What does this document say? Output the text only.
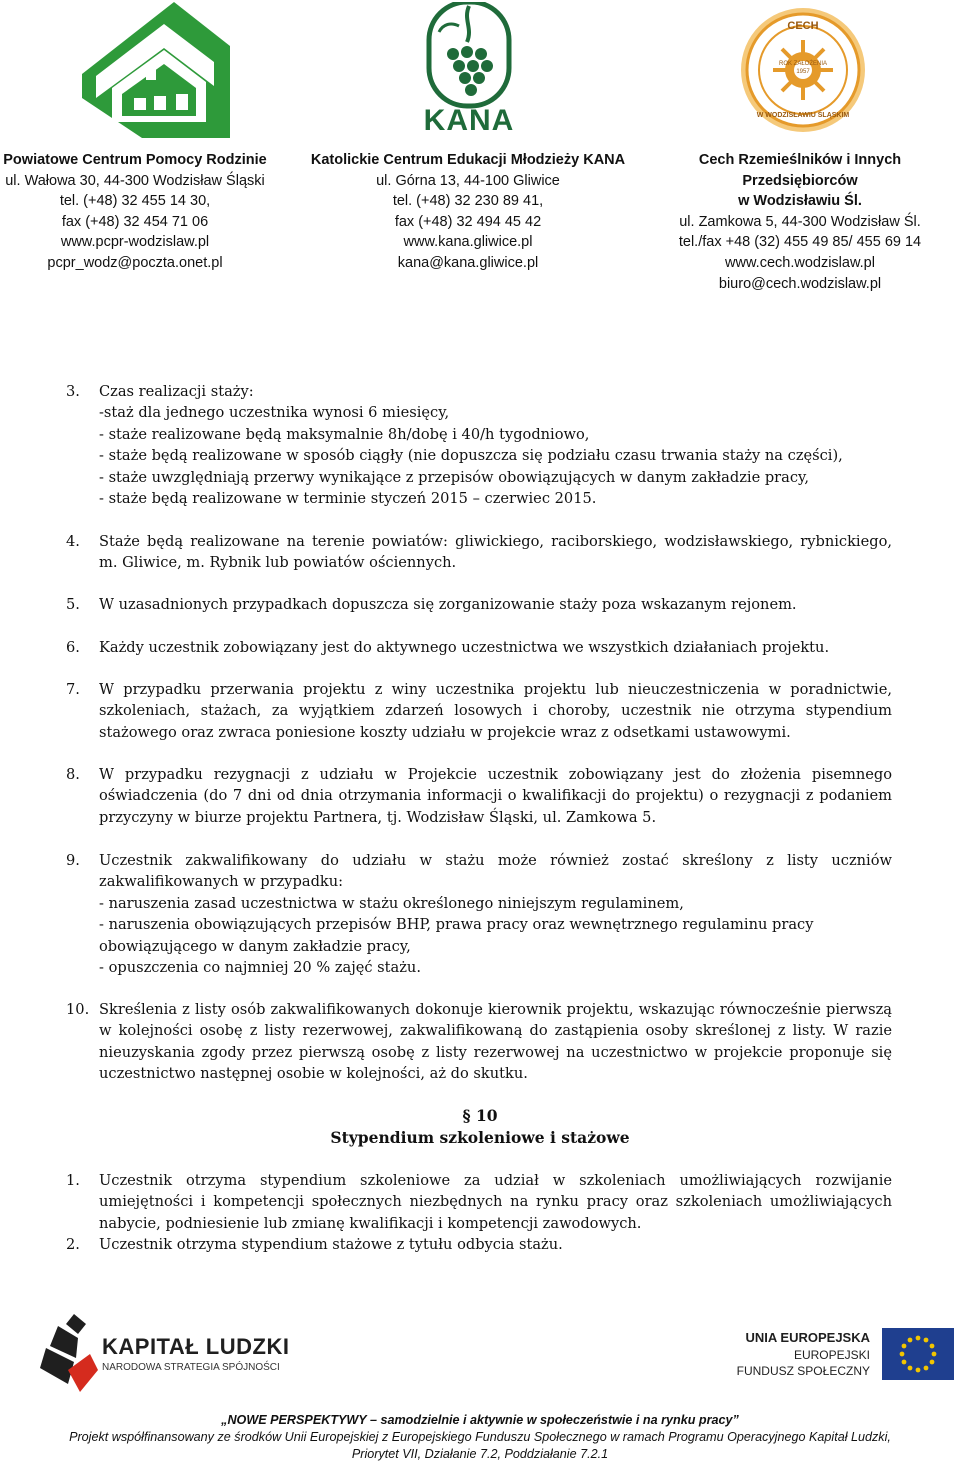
KANA
CECH
ROK ZAŁOŻENIA 1957
W WODZISŁAWIU ŚLĄSKIM
Powiatowe Centrum Pomocy Rodzinie
ul. Wałowa 30, 44-300 Wodzisław Śląski
tel. (+48) 32 455 14 30,
fax (+48) 32 454 71 06
www.pcpr-wodzislaw.pl
pcpr_wodz@poczta.onet.pl
Katolickie Centrum Edukacji Młodzieży KANA
ul. Górna 13, 44-100 Gliwice
tel. (+48) 32 230 89 41,
fax (+48) 32 494 45 42
www.kana.gliwice.pl
kana@kana.gliwice.pl
Cech Rzemieślników i Innych Przedsiębiorców
w Wodzisławiu Śl.
ul. Zamkowa 5, 44-300 Wodzisław Śl.
tel./fax +48 (32) 455 49 85/ 455 69 14
www.cech.wodzislaw.pl
biuro@cech.wodzislaw.pl
3.	Czas realizacji staży:
-staż dla jednego uczestnika wynosi 6 miesięcy,
- staże realizowane będą maksymalnie 8h/dobę i 40/h tygodniowo,
- staże będą realizowane w sposób ciągły (nie dopuszcza się podziału czasu trwania staży na części),
- staże uwzględniają przerwy wynikające z przepisów obowiązujących w danym zakładzie pracy,
- staże będą realizowane w terminie styczeń 2015 – czerwiec 2015.
4.	Staże będą realizowane na terenie powiatów: gliwickiego, raciborskiego, wodzisławskiego, rybnickiego, m. Gliwice, m. Rybnik lub powiatów ościennych.
5.	W uzasadnionych przypadkach dopuszcza się zorganizowanie staży poza wskazanym rejonem.
6.	Każdy uczestnik zobowiązany jest do aktywnego uczestnictwa we wszystkich działaniach projektu.
7.	W przypadku przerwania projektu z winy uczestnika projektu lub nieuczestniczenia w poradnictwie, szkoleniach, stażach, za wyjątkiem zdarzeń losowych i choroby, uczestnik nie otrzyma stypendium stażowego oraz zwraca poniesione koszty udziału w projekcie wraz z odsetkami ustawowymi.
8.	W przypadku rezygnacji z udziału w Projekcie uczestnik zobowiązany jest do złożenia pisemnego oświadczenia (do 7 dni od dnia otrzymania informacji o kwalifikacji do projektu) o rezygnacji z podaniem przyczyny w biurze projektu Partnera, tj. Wodzisław Śląski, ul. Zamkowa 5.
9.	Uczestnik zakwalifikowany do udziału w stażu może również zostać skreślony z listy uczniów zakwalifikowanych w przypadku:
- naruszenia zasad uczestnictwa w stażu określonego niniejszym regulaminem,
- naruszenia obowiązujących przepisów BHP, prawa pracy oraz wewnętrznego regulaminu pracy obowiązującego w danym zakładzie pracy,
- opuszczenia co najmniej 20 % zajęć stażu.
10. Skreślenia z listy osób zakwalifikowanych dokonuje kierownik projektu, wskazując równocześnie pierwszą w kolejności osobę z listy rezerwowej, zakwalifikowaną do zastąpienia osoby skreślonej z listy. W razie nieuzyskania zgody przez pierwszą osobę z listy rezerwowej na uczestnictwo w projekcie proponuje się uczestnictwo następnej osobie w kolejności, aż do skutku.
§ 10
Stypendium szkoleniowe i stażowe
1.	Uczestnik otrzyma stypendium szkoleniowe za udział w szkoleniach umożliwiających rozwijanie umiejętności i kompetencji społecznych niezbędnych na rynku pracy oraz szkoleniach umożliwiających nabycie, podniesienie lub zmianę kwalifikacji i kompetencji zawodowych.
2.	Uczestnik otrzyma stypendium stażowe z tytułu odbycia stażu.
KAPITAŁ LUDZKI
NARODOWA STRATEGIA SPÓJNOŚCI
UNIA EUROPEJSKA
EUROPEJSKI
FUNDUSZ SPOŁECZNY
„NOWE PERSPEKTYWY – samodzielnie i aktywnie w społeczeństwie i na rynku pracy”
Projekt współfinansowany ze środków Unii Europejskiej z Europejskiego Funduszu Społecznego w ramach Programu Operacyjnego Kapitał Ludzki,
Priorytet VII, Działanie 7.2, Poddziałanie 7.2.1
